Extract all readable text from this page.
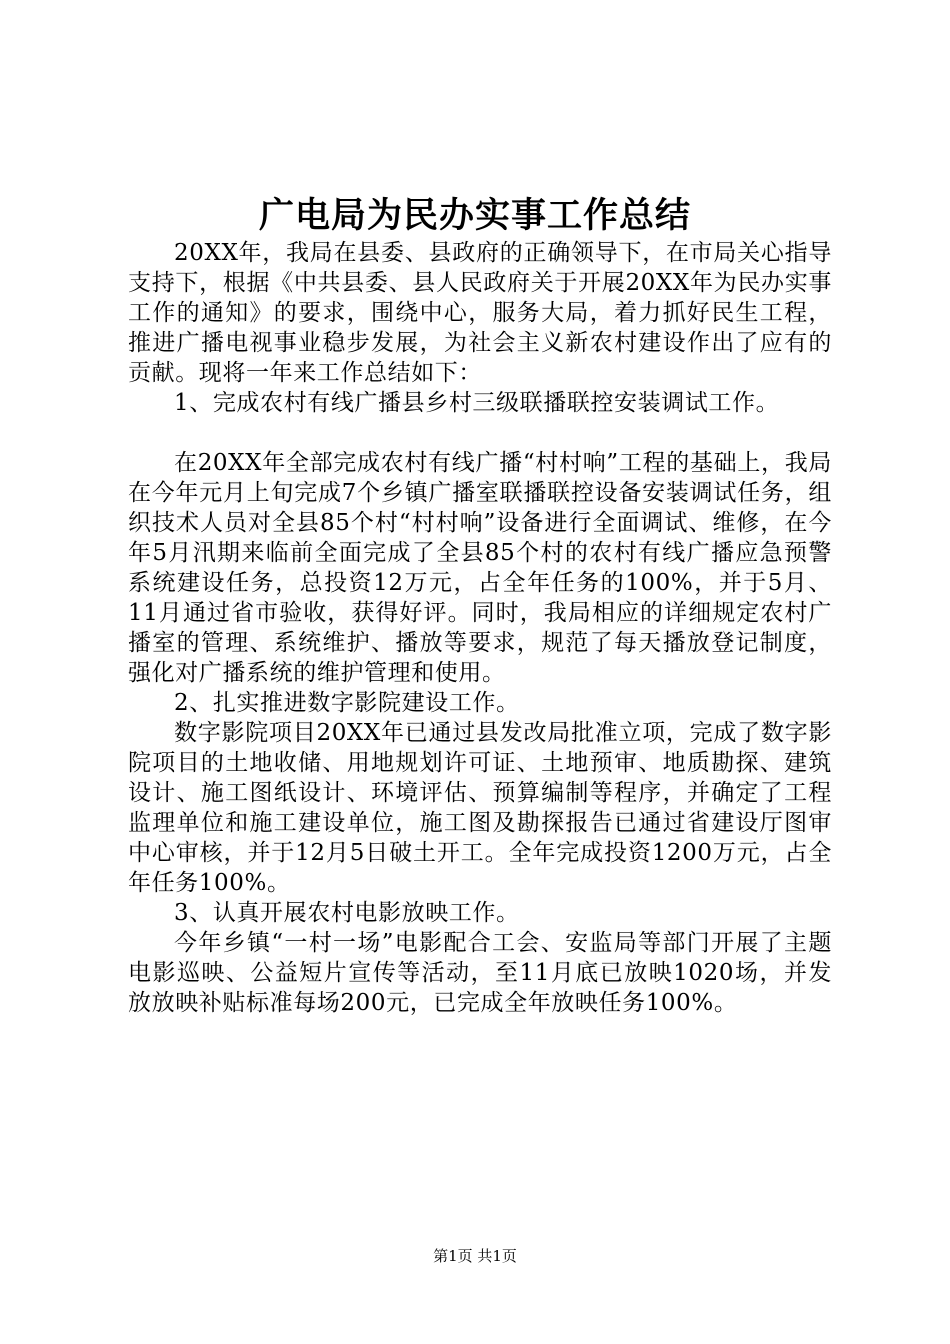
广电局为民办实事工作总结

20XX年，我局在县委、县政府的正确领导下，在市局关心指导支持下，根据《中共县委、县人民政府关于开展20XX年为民办实事工作的通知》的要求，围绕中心，服务大局，着力抓好民生工程，推进广播电视事业稳步发展，为社会主义新农村建设作出了应有的贡献。现将一年来工作总结如下：

1、完成农村有线广播县乡村三级联播联控安装调试工作。

在20XX年全部完成农村有线广播“村村响”工程的基础上，我局在今年元月上旬完成7个乡镇广播室联播联控设备安装调试任务，组织技术人员对全县85个村“村村响”设备进行全面调试、维修，在今年5月汛期来临前全面完成了全县85个村的农村有线广播应急预警系统建设任务，总投资12万元，占全年任务的100%，并于5月、11月通过省市验收，获得好评。同时，我局相应的详细规定农村广播室的管理、系统维护、播放等要求，规范了每天播放登记制度，强化对广播系统的维护管理和使用。

2、扎实推进数字影院建设工作。

数字影院项目20XX年已通过县发改局批准立项，完成了数字影院项目的土地收储、用地规划许可证、土地预审、地质勘探、建筑设计、施工图纸设计、环境评估、预算编制等程序，并确定了工程监理单位和施工建设单位，施工图及勘探报告已通过省建设厅图审中心审核，并于12月5日破土开工。全年完成投资1200万元，占全年任务100%。

3、认真开展农村电影放映工作。

今年乡镇“一村一场”电影配合工会、安监局等部门开展了主题电影巡映、公益短片宣传等活动，至11月底已放映1020场，并发放放映补贴标准每场200元，已完成全年放映任务100%。

第1页 共1页
